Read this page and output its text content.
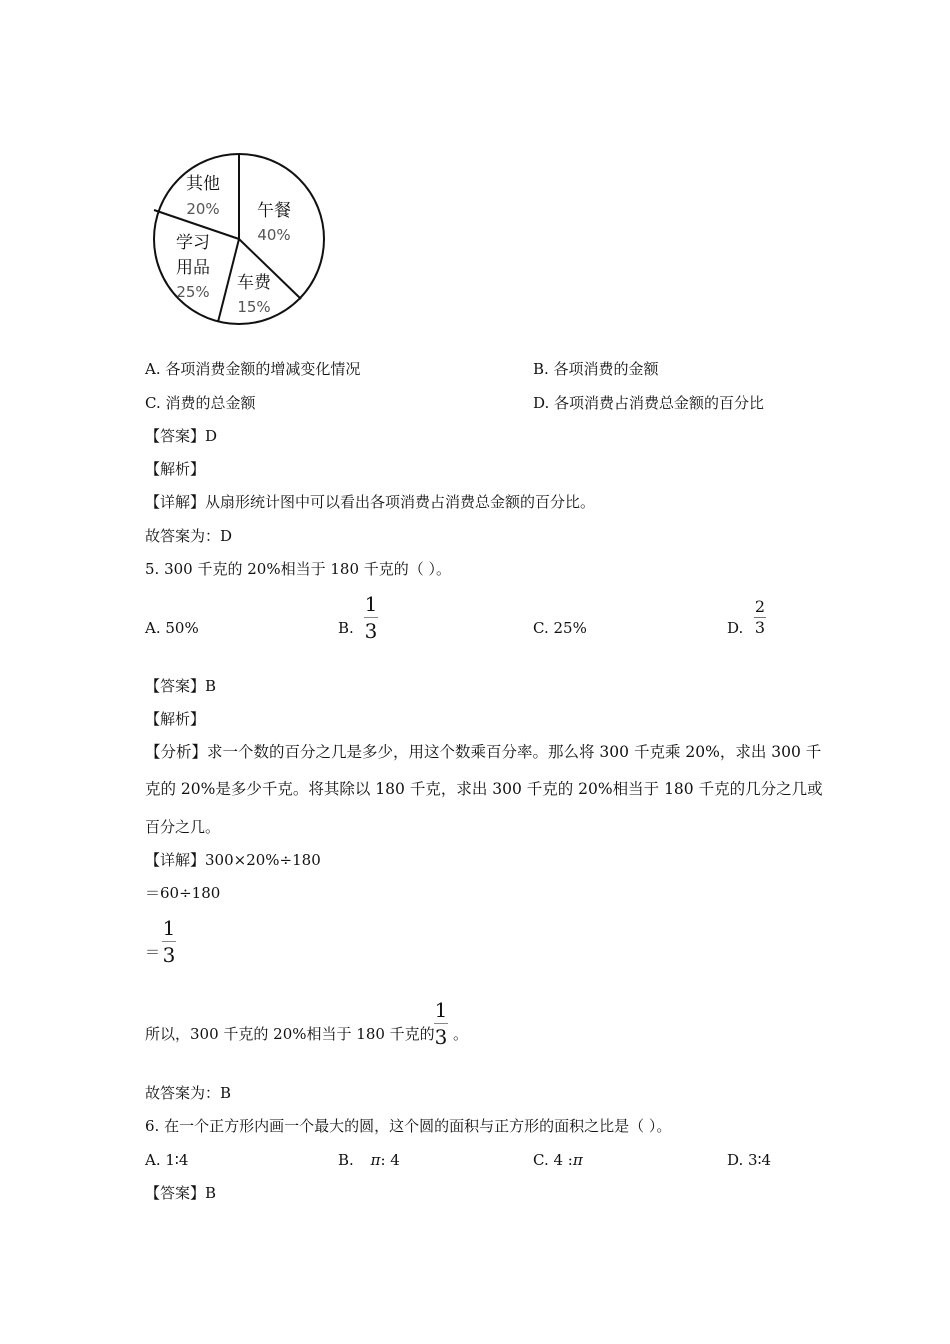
午餐
40%
车费
15%
学习
用品
25%
其他
20%
A. 各项消费金额的增减变化情况	B. 各项消费的金额
C. 消费的总金额	D. 各项消费占消费总金额的百分比
【答案】D
【解析】
【详解】从扇形统计图中可以看出各项消费占消费总金额的百分比。
故答案为：D
5. 300 千克的 20%相当于 180 千克的（ ）。
A. 50%	B.
1
3	C. 25%	D.
2
3
【答案】B
【解析】
【分析】求一个数的百分之几是多少，用这个数乘百分率。那么将 300 千克乘 20%，求出 300 千
克的 20%是多少千克。将其除以 180 千克，求出 300 千克的 20%相当于 180 千克的几分之几或
百分之几。
【详解】300×20%÷180
＝60÷180
＝
1
3
所以，300 千克的 20%相当于 180 千克的
1
3 。
故答案为：B
6. 在一个正方形内画一个最大的圆，这个圆的面积与正方形的面积之比是（ ）。
A. 1∶4	B. π: 4	C. 4 :π	D. 3∶4
【答案】B
